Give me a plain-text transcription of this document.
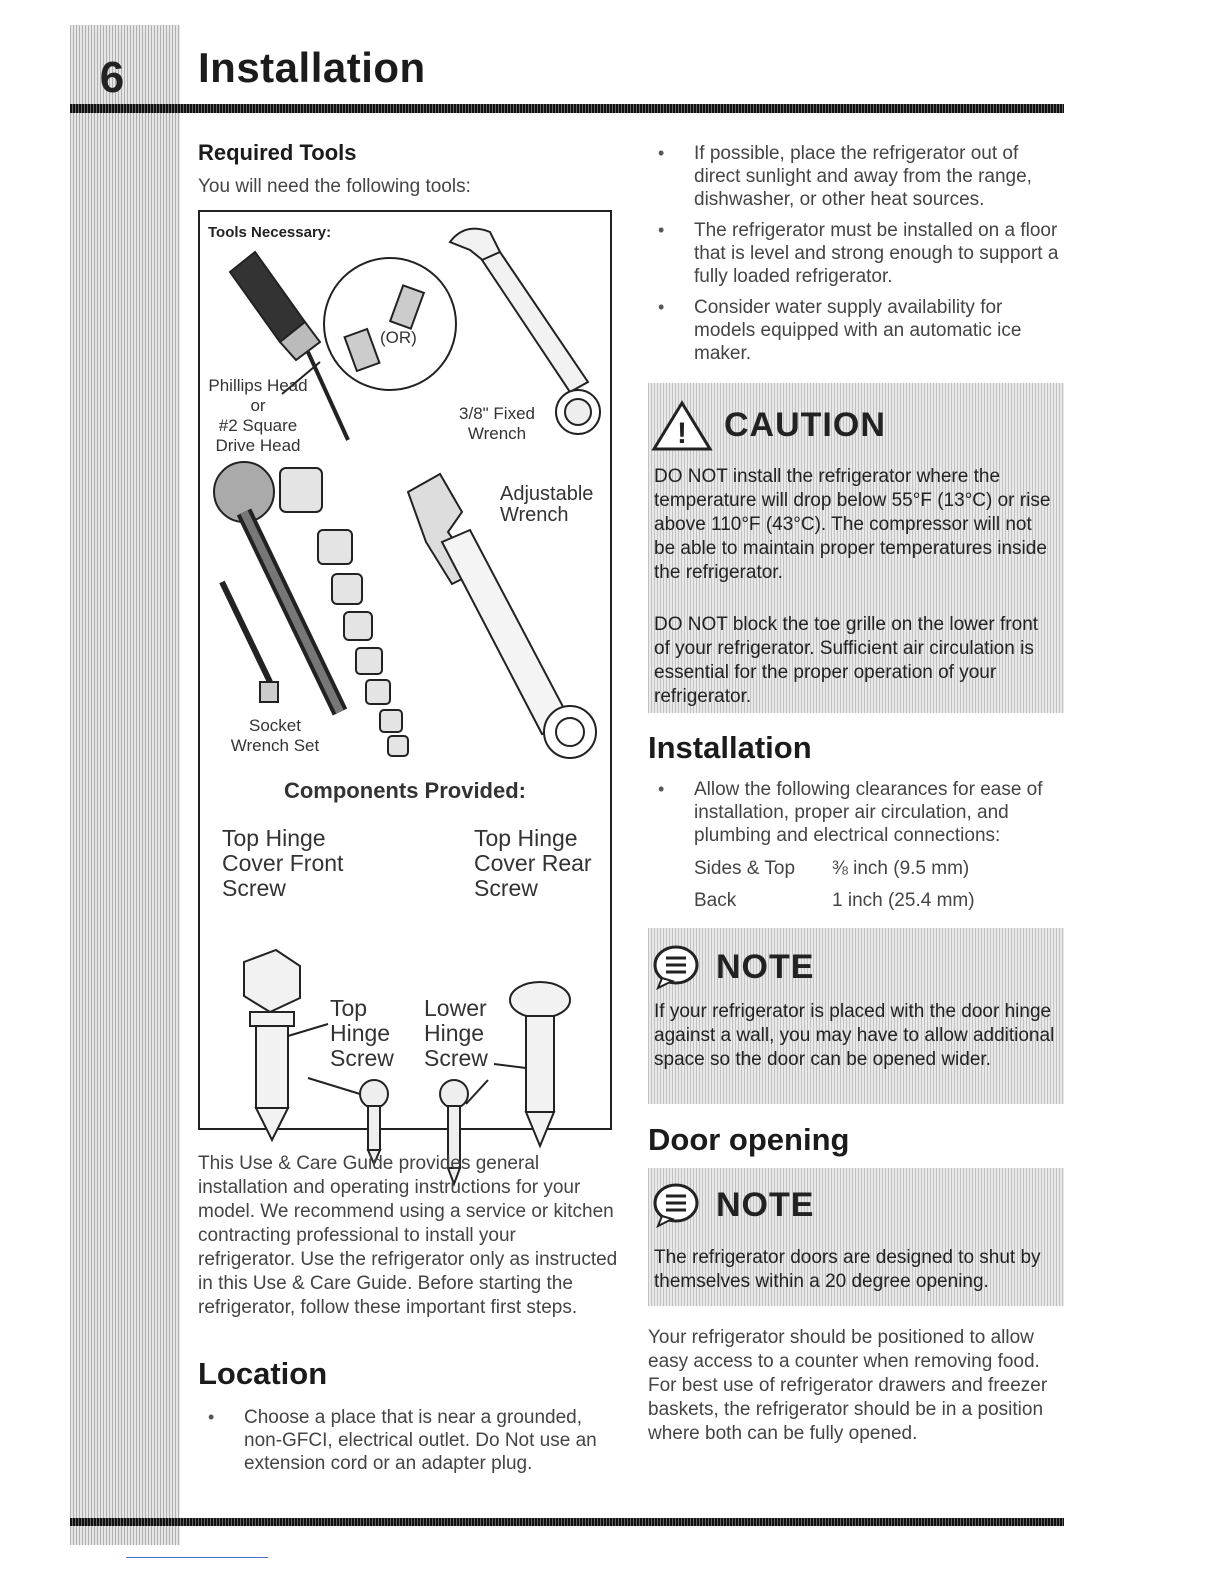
6	Installation
Required Tools

You will need the following tools:

Tools Necessary:
(OR)

Phillips Head
or
#2 Square
Drive Head

3/8" Fixed
Wrench

Adjustable
Wrench

Socket
Wrench Set

Components Provided:

Top Hinge
Cover Front
Screw

Top Hinge
Cover Rear
Screw

Top
Hinge
Screw

Lower
Hinge
Screw

This Use & Care Guide provides general installation and operating instructions for your model. We recommend using a service or kitchen contracting professional to install your refrigerator. Use the refrigerator only as instructed in this Use & Care Guide. Before starting the refrigerator, follow these important first steps.

Location
• Choose a place that is near a grounded, non-GFCI, electrical outlet. Do Not use an extension cord or an adapter plug.
• If possible, place the refrigerator out of direct sunlight and away from the range, dishwasher, or other heat sources.
• The refrigerator must be installed on a floor that is level and strong enough to support a fully loaded refrigerator.
• Consider water supply availability for models equipped with an automatic ice maker.
! CAUTION

DO NOT install the refrigerator where the temperature will drop below 55°F (13°C) or rise above 110°F (43°C). The compressor will not be able to maintain proper temperatures inside the refrigerator.

DO NOT block the toe grille on the lower front of your refrigerator. Sufficient air circulation is essential for the proper operation of your refrigerator.

Installation
• Allow the following clearances for ease of installation, proper air circulation, and plumbing and electrical connections:
Sides & Top	⅜ inch (9.5 mm)
Back	1 inch (25.4 mm)
NOTE

If your refrigerator is placed with the door hinge against a wall, you may have to allow additional space so the door can be opened wider.

Door opening
NOTE

The refrigerator doors are designed to shut by themselves within a 20 degree opening.

Your refrigerator should be positioned to allow easy access to a counter when removing food. For best use of refrigerator drawers and freezer baskets, the refrigerator should be in a position where both can be fully opened.
